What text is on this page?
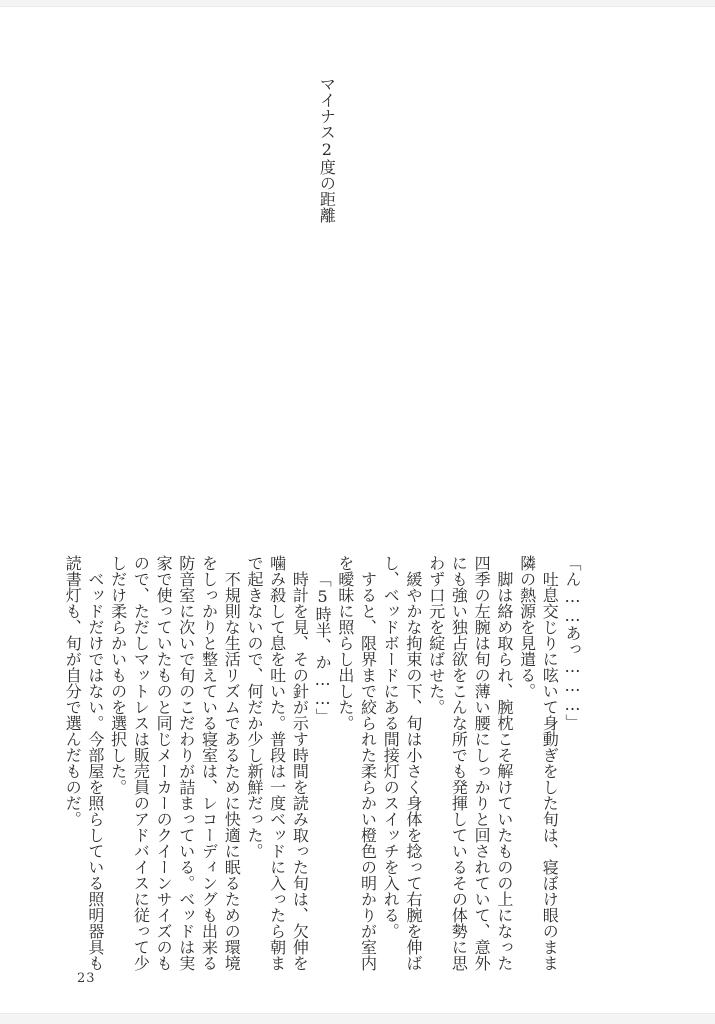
マイナス2度の距離
「ん……あっ………」
吐息交じりに呟いて身動ぎをした旬は、寝ぼけ眼のまま
隣の熱源を見遣る。
脚は絡め取られ、腕枕こそ解けていたものの上になった
四季の左腕は旬の薄い腰にしっかりと回されていて、意外
にも強い独占欲をこんな所でも発揮しているその体勢に思
わず口元を綻ばせた。
緩やかな拘束の下、旬は小さく身体を捻って右腕を伸ば
し、ベッドボードにある間接灯のスイッチを入れる。
すると、限界まで絞られた柔らかい橙色の明かりが室内
を曖昧に照らし出した。
「5時半、か……」
時計を見、その針が示す時間を読み取った旬は、欠伸を
噛み殺して息を吐いた。普段は一度ベッドに入ったら朝ま
で起きないので、何だか少し新鮮だった。
不規則な生活リズムであるために快適に眠るための環境
をしっかりと整えている寝室は、レコーディングも出来る
防音室に次いで旬のこだわりが詰まっている。ベッドは実
家で使っていたものと同じメーカーのクイーンサイズのも
ので、ただしマットレスは販売員のアドバイスに従って少
しだけ柔らかいものを選択した。
ベッドだけではない。今部屋を照らしている照明器具も
読書灯も、旬が自分で選んだものだ。
23
